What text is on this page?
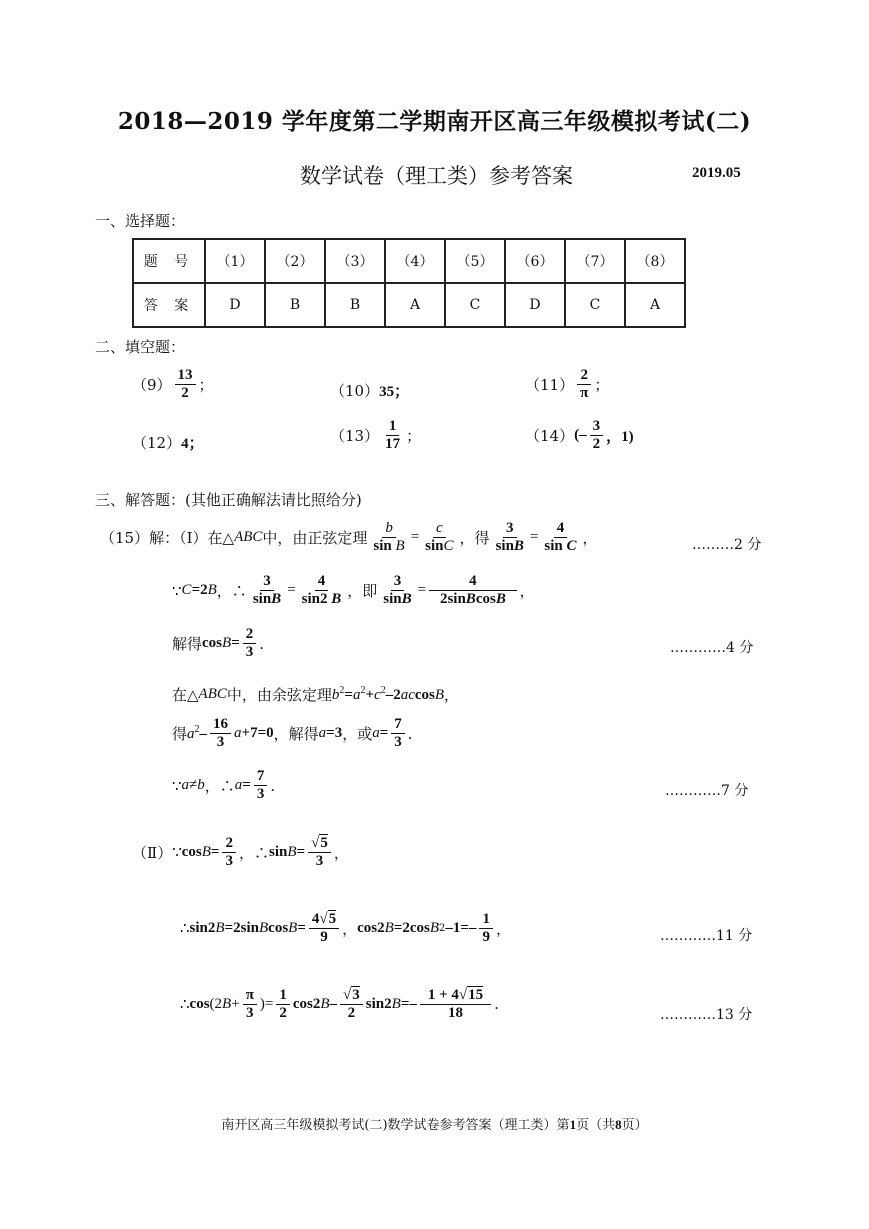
2018—2019 学年度第二学期南开区高三年级模拟考试(二)
数学试卷（理工类）参考答案	2019.05
一、选择题：
题 号	（1）	（2）	（3）	（4）	（5）	（6）	（7）	（8）
答 案	D	B	B	A	C	D	C	A
二、填空题：
$(9) \frac{13}{2}$ ；	（10） 35；	$(11) \frac{2}{\pi}$ ；
（12） 4；	$(13) \frac{1}{17}$ ；	（14） (– $\frac{3}{2}$ ，1)
三、解答题：(其他正确解法请比照给分)
（15）解：（Ⅰ）在△ ABC 中，由正弦定理 $\frac{b}{\text{sin B}} = \frac{c}{\sin C}$ ，得 $\frac{3}{\sin B} = \frac{4}{\text{sin C}}$ ，	………2 分
∵ C =2 B ，∴ $\frac{3}{\sin B} = \frac{4}{\sin 2 B}$ ，即 $\frac{3}{\sin B} = \frac{4}{\text{2sinBcosB}}$ ，
解得 $\cos B = \frac{2}{3}$ .	…………4 分
在△ ABC 中，由余弦定理 $b^2=a^2+c^2-2accosB$ ，
得 $a^2- \frac{16}{3} a+7=0$ ，解得 a=3 ，或 $a= \frac{7}{3}$ .
∵ a≠b ，∴ $a= \frac{7}{3}$ .	…………7 分
（Ⅱ） ∵ $\cos B = \frac{2}{3}$ ，∴ $\sin B = \frac{√5}{3}$ ，
∴ sin2 B =2sin B $\cos B = \frac{4√5}{9}$ ， cos2 B =2cos B 2 $-1=- \frac{1}{9}$ ，	…………11 分
∴ cos (2 $B + \frac{\pi}{3}$ )= $\frac{1}{2} \cos 2$ B – $\frac{√3}{2} \sin 2$ $B =- \frac{1 + 4√15}{18}$ .
…………13 分
南开区高三年级模拟考试(二)数学试卷参考答案（理工类）第1页（共8页）
